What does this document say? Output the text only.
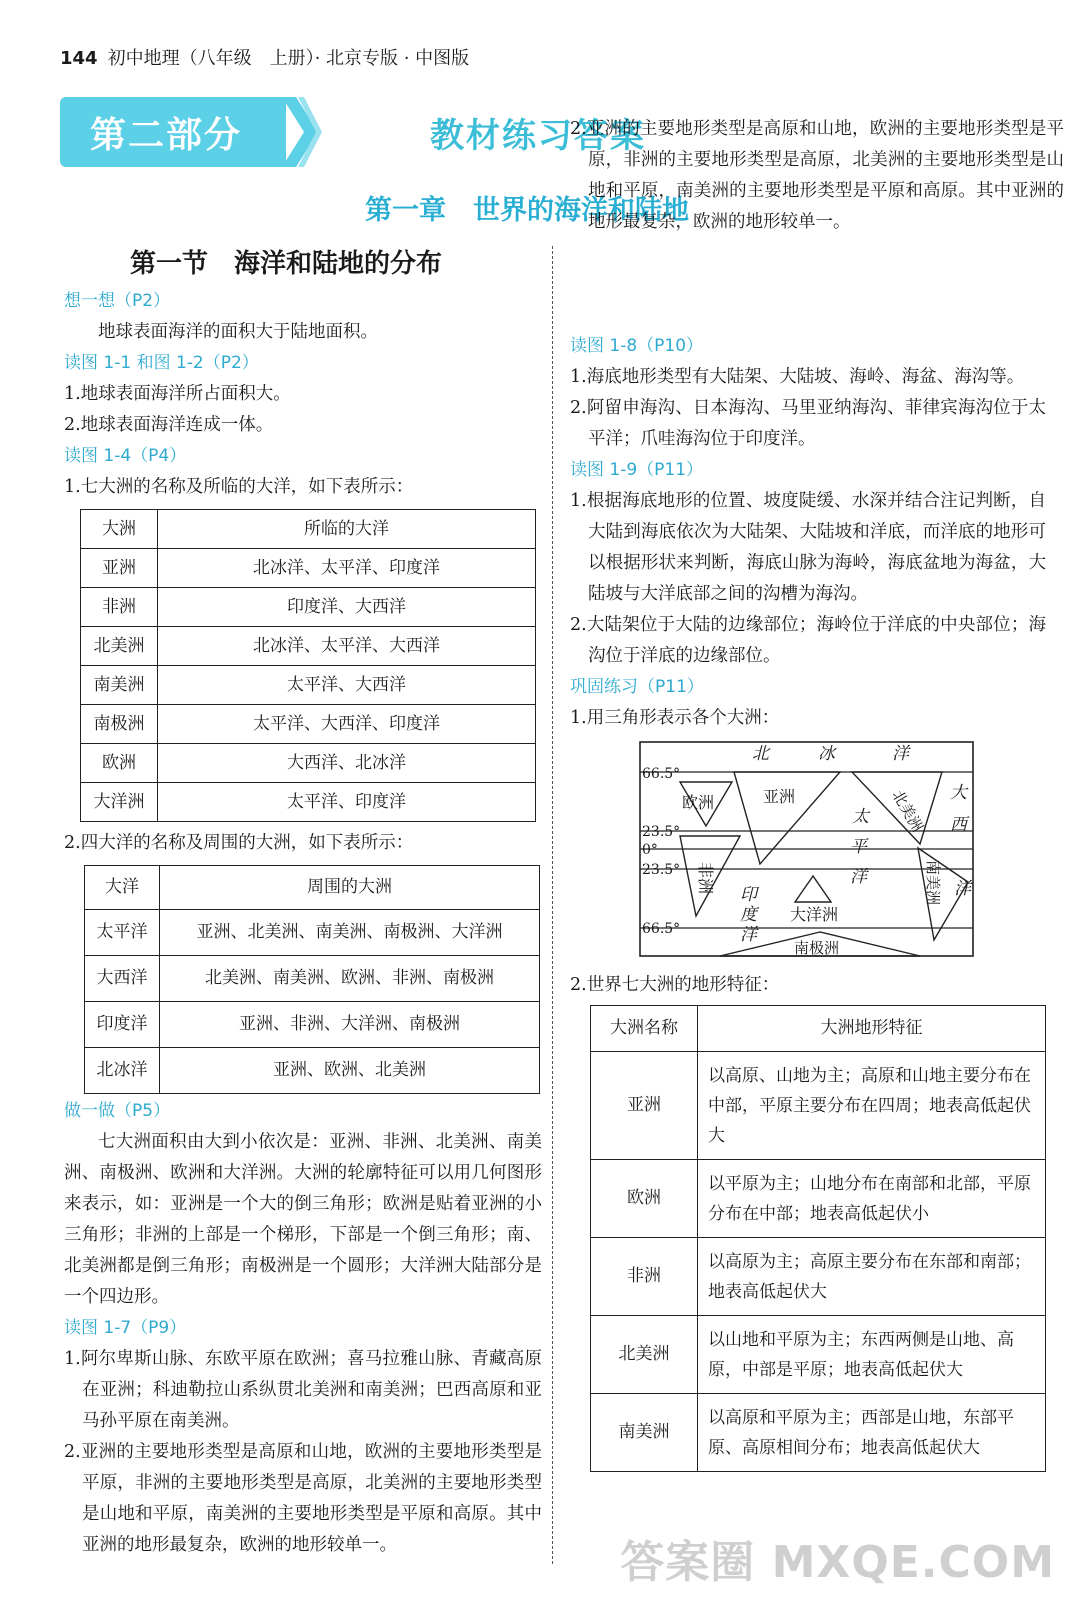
144 初中地理（八年级　上册）· 北京专版 · 中图版
第二部分	教材练习答案
第一章　世界的海洋和陆地
第一节　海洋和陆地的分布

想一想（P2）

地球表面海洋的面积大于陆地面积。

读图 1-1 和图 1-2（P2）

1.地球表面海洋所占面积大。

2.地球表面海洋连成一体。

读图 1-4（P4）

1.七大洲的名称及所临的大洋，如下表所示：

大洲	所临的大洋
亚洲	北冰洋、太平洋、印度洋
非洲	印度洋、大西洋
北美洲	北冰洋、太平洋、大西洋
南美洲	太平洋、大西洋
南极洲	太平洋、大西洋、印度洋
欧洲	大西洋、北冰洋
大洋洲	太平洋、印度洋

2.四大洋的名称及周围的大洲，如下表所示：

大洋	周围的大洲
太平洋	亚洲、北美洲、南美洲、南极洲、大洋洲
大西洋	北美洲、南美洲、欧洲、非洲、南极洲
印度洋	亚洲、非洲、大洋洲、南极洲
北冰洋	亚洲、欧洲、北美洲

做一做（P5）

七大洲面积由大到小依次是：亚洲、非洲、北美洲、南美洲、南极洲、欧洲和大洋洲。大洲的轮廓特征可以用几何图形来表示，如：亚洲是一个大的倒三角形；欧洲是贴着亚洲的小三角形；非洲的上部是一个梯形，下部是一个倒三角形；南、北美洲都是倒三角形；南极洲是一个圆形；大洋洲大陆部分是一个四边形。

读图 1-7（P9）

1.阿尔卑斯山脉、东欧平原在欧洲；喜马拉雅山脉、青藏高原在亚洲；科迪勒拉山系纵贯北美洲和南美洲；巴西高原和亚马孙平原在南美洲。

2.亚洲的主要地形类型是高原和山地，欧洲的主要地形类型是平原，非洲的主要地形类型是高原，北美洲的主要地形类型是山地和平原，南美洲的主要地形类型是平原和高原。其中亚洲的地形最复杂，欧洲的地形较单一。

2.亚洲的主要地形类型是高原和山地，欧洲的主要地形类型是平原，非洲的主要地形类型是高原，北美洲的主要地形类型是山地和平原，南美洲的主要地形类型是平原和高原。其中亚洲的地形最复杂，欧洲的地形较单一。

读图 1-8（P10）

1.海底地形类型有大陆架、大陆坡、海岭、海盆、海沟等。

2.阿留申海沟、日本海沟、马里亚纳海沟、菲律宾海沟位于太平洋；爪哇海沟位于印度洋。

读图 1-9（P11）

1.根据海底地形的位置、坡度陡缓、水深并结合注记判断，自大陆到海底依次为大陆架、大陆坡和洋底，而洋底的地形可以根据形状来判断，海底山脉为海岭，海底盆地为海盆，大陆坡与大洋底部之间的沟槽为海沟。

2.大陆架位于大陆的边缘部位；海岭位于洋底的中央部位；海沟位于洋底的边缘部位。

巩固练习（P11）

1.用三角形表示各个大洲：

66.5°
23.5°
0°
23.5°
66.5°
北	冰	洋
太
平
洋
大
西
洋
印
度
洋
欧洲	亚洲	北美洲
非洲	南美洲
大洋洲
南极洲

2.世界七大洲的地形特征：

大洲名称	大洲地形特征
亚洲	以高原、山地为主；高原和山地主要分布在中部，平原主要分布在四周；地表高低起伏大
欧洲	以平原为主；山地分布在南部和北部，平原分布在中部；地表高低起伏小
非洲	以高原为主；高原主要分布在东部和南部；地表高低起伏大
北美洲	以山地和平原为主；东西两侧是山地、高原，中部是平原；地表高低起伏大
南美洲	以高原和平原为主；西部是山地，东部平原、高原相间分布；地表高低起伏大
答案圈 MXQE.COM
